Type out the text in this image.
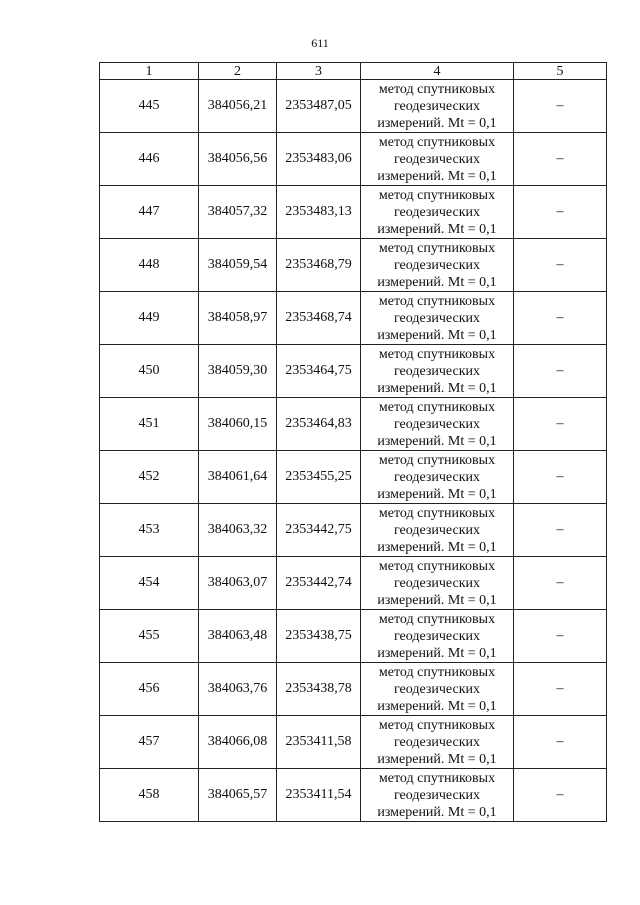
611
1	2	3	4	5
445	384056,21	2353487,05	метод спутниковых
геодезических
измерений. Mt = 0,1	–
446	384056,56	2353483,06	метод спутниковых
геодезических
измерений. Mt = 0,1	–
447	384057,32	2353483,13	метод спутниковых
геодезических
измерений. Mt = 0,1	–
448	384059,54	2353468,79	метод спутниковых
геодезических
измерений. Mt = 0,1	–
449	384058,97	2353468,74	метод спутниковых
геодезических
измерений. Mt = 0,1	–
450	384059,30	2353464,75	метод спутниковых
геодезических
измерений. Mt = 0,1	–
451	384060,15	2353464,83	метод спутниковых
геодезических
измерений. Mt = 0,1	–
452	384061,64	2353455,25	метод спутниковых
геодезических
измерений. Mt = 0,1	–
453	384063,32	2353442,75	метод спутниковых
геодезических
измерений. Mt = 0,1	–
454	384063,07	2353442,74	метод спутниковых
геодезических
измерений. Mt = 0,1	–
455	384063,48	2353438,75	метод спутниковых
геодезических
измерений. Mt = 0,1	–
456	384063,76	2353438,78	метод спутниковых
геодезических
измерений. Mt = 0,1	–
457	384066,08	2353411,58	метод спутниковых
геодезических
измерений. Mt = 0,1	–
458	384065,57	2353411,54	метод спутниковых
геодезических
измерений. Mt = 0,1	–
